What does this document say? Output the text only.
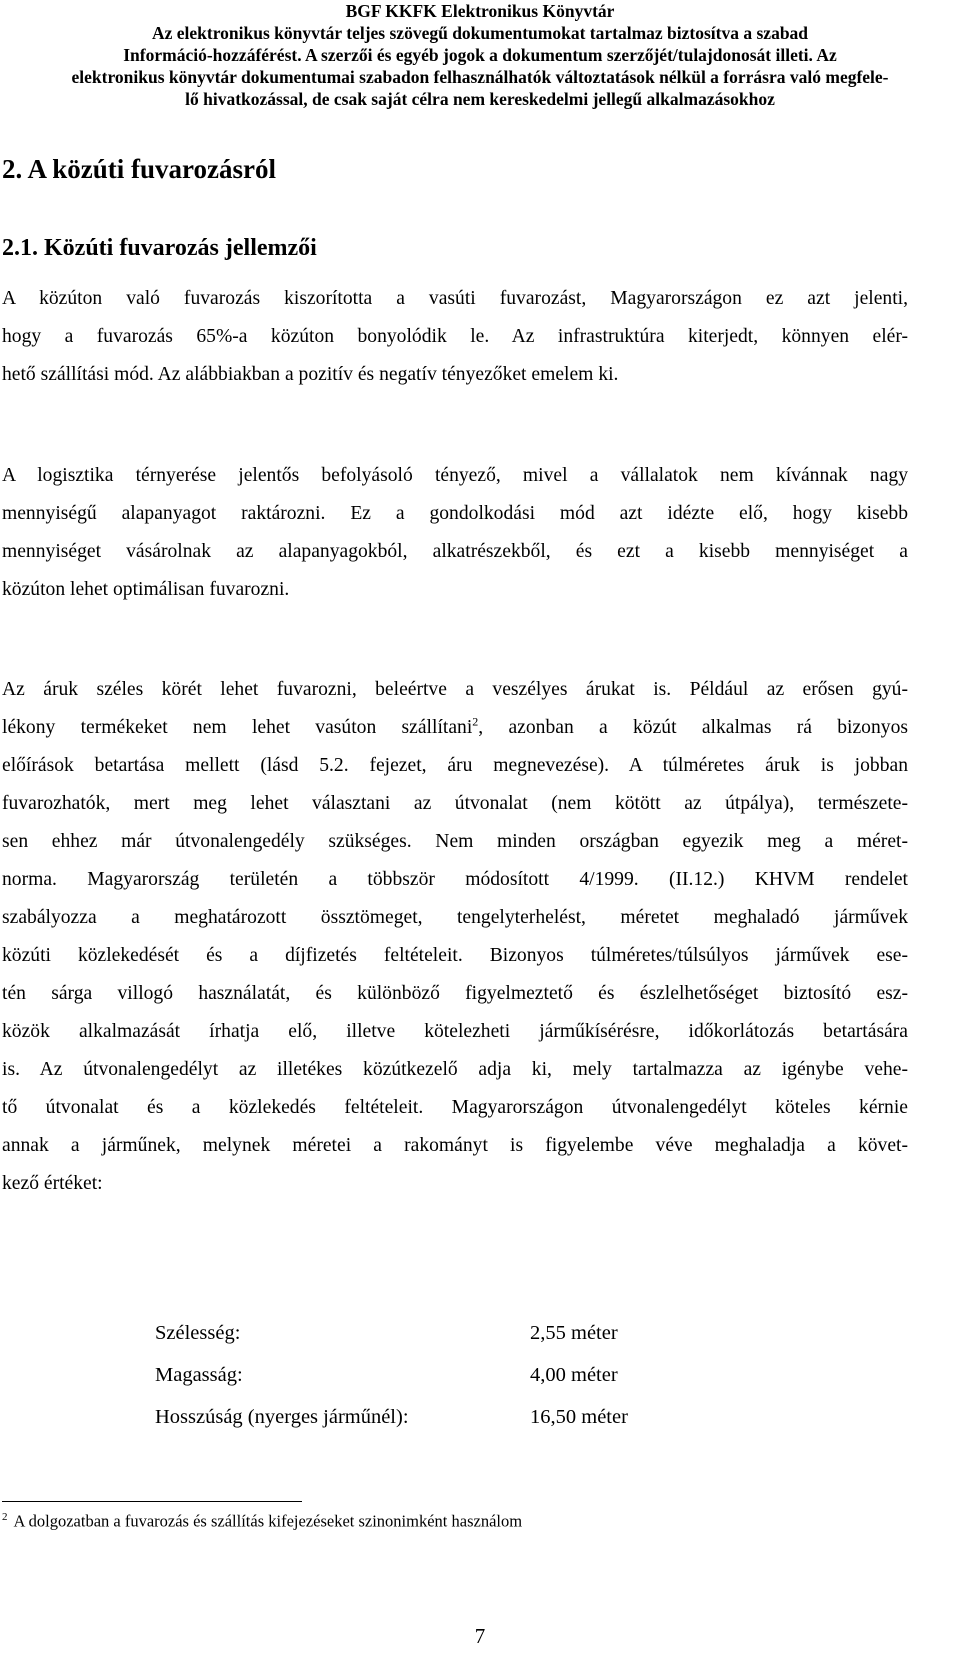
BGF KKFK Elektronikus Könyvtár
Az elektronikus könyvtár teljes szövegű dokumentumokat tartalmaz biztosítva a szabad
Információ-hozzáférést. A szerzői és egyéb jogok a dokumentum szerzőjét/tulajdonosát illeti. Az
elektronikus könyvtár dokumentumai szabadon felhasználhatók változtatások nélkül a forrásra való megfele-
lő hivatkozással, de csak saját célra nem kereskedelmi jellegű alkalmazásokhoz
2. A közúti fuvarozásról
2.1. Közúti fuvarozás jellemzői

A közúton való fuvarozás kiszorította a vasúti fuvarozást, Magyarországon ez azt jelenti,
hogy a fuvarozás 65%-a közúton bonyolódik le. Az infrastruktúra kiterjedt, könnyen elér-
hető szállítási mód. Az alábbiakban a pozitív és negatív tényezőket emelem ki.

A logisztika térnyerése jelentős befolyásoló tényező, mivel a vállalatok nem kívánnak nagy
mennyiségű alapanyagot raktározni. Ez a gondolkodási mód azt idézte elő, hogy kisebb
mennyiséget vásárolnak az alapanyagokból, alkatrészekből, és ezt a kisebb mennyiséget a
közúton lehet optimálisan fuvarozni.

Az áruk széles körét lehet fuvarozni, beleértve a veszélyes árukat is. Például az erősen gyú-
lékony termékeket nem lehet vasúton szállítani$^2$, azonban a közút alkalmas rá bizonyos
előírások betartása mellett (lásd 5.2. fejezet, áru megnevezése). A túlméretes áruk is jobban
fuvarozhatók, mert meg lehet választani az útvonalat (nem kötött az útpálya), természete-
sen ehhez már útvonalengedély szükséges. Nem minden országban egyezik meg a méret-
norma. Magyarország területén a többször módosított 4/1999. (II.12.) KHVM rendelet
szabályozza a meghatározott össztömeget, tengelyterhelést, méretet meghaladó járművek
közúti közlekedését és a díjfizetés feltételeit. Bizonyos túlméretes/túlsúlyos járművek ese-
tén sárga villogó használatát, és különböző figyelmeztető és észlelhetőséget biztosító esz-
közök alkalmazását írhatja elő, illetve kötelezheti járműkísérésre, időkorlátozás betartására
is. Az útvonalengedélyt az illetékes közútkezelő adja ki, mely tartalmazza az igénybe vehe-
tő útvonalat és a közlekedés feltételeit. Magyarországon útvonalengedélyt köteles kérnie
annak a járműnek, melynek méretei a rakományt is figyelembe véve meghaladja a követ-
kező értéket:

Szélesség:	2,55 méter
Magasság:	4,00 méter
Hosszúság (nyerges járműnél):	16,50 méter
$^2$ A dolgozatban a fuvarozás és szállítás kifejezéseket szinonimként használom
7
